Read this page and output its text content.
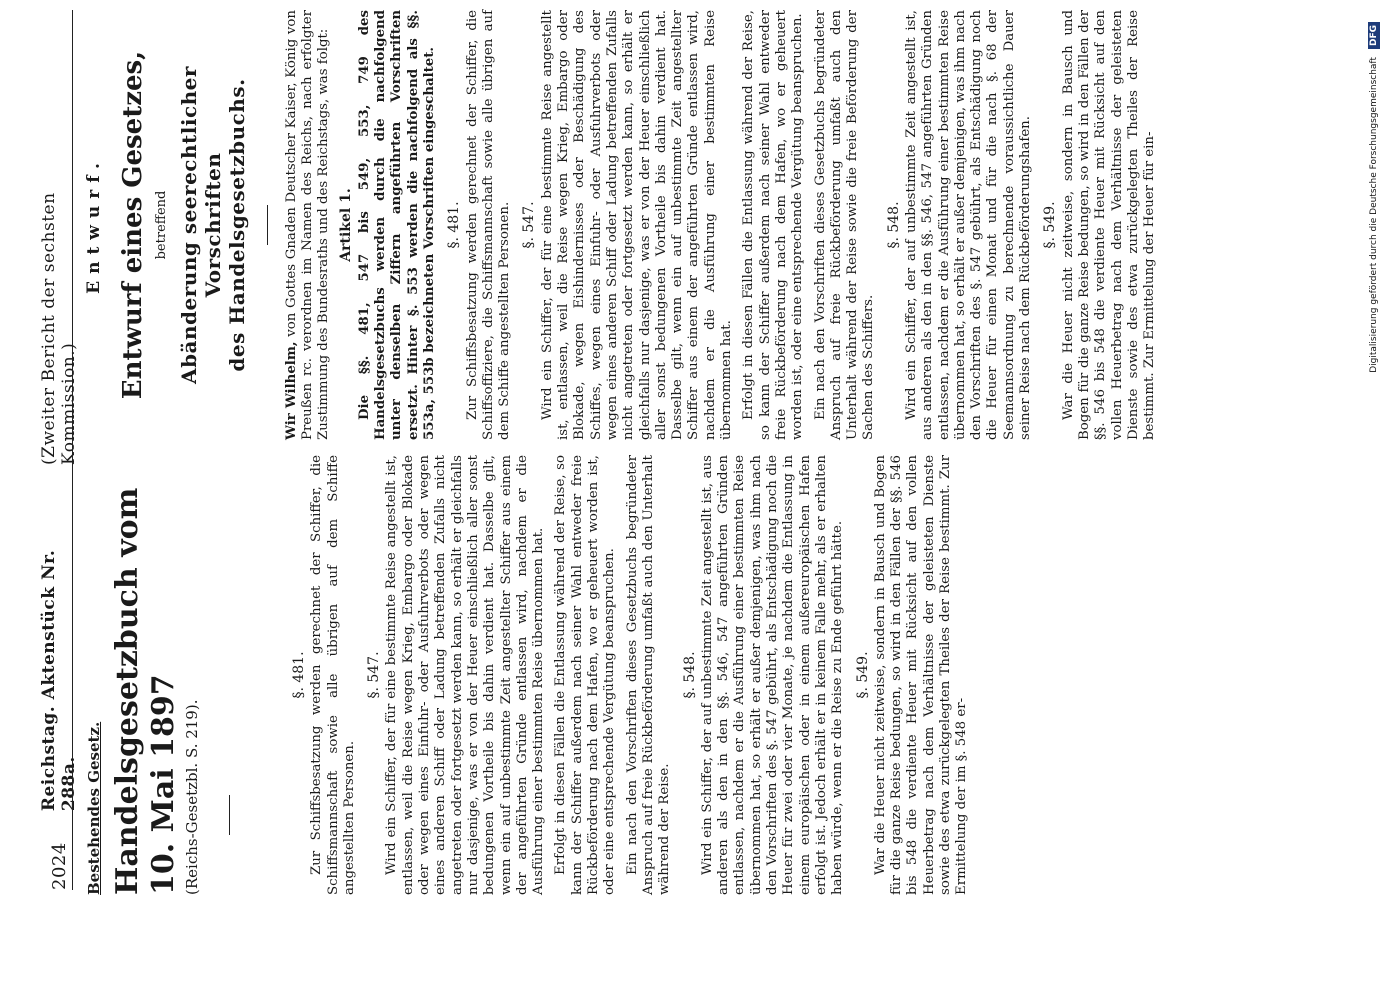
2024
Reichstag. Aktenstück Nr. 288a.
(Zweiter Bericht der sechsten Kommission.)

Bestehendes Gesetz. Handelsgesetzbuch vom 10. Mai 1897 (Reichs-Gesetzbl. S. 219).

§. 481. Zur Schiffsbesatzung werden gerechnet der Schiffer, die Schiffsmannschaft sowie alle übrigen auf dem Schiffe angestellten Personen.

§. 547. Wird ein Schiffer, der für eine bestimmte Reise angestellt ist, entlassen, weil die Reise wegen Krieg, Embargo oder Blokade oder wegen eines Einfuhr- oder Ausfuhrverbots oder wegen eines anderen Schiff oder Ladung betreffenden Zufalls nicht angetreten oder fortgesetzt werden kann, so erhält er gleichfalls nur dasjenige, was er von der Heuer einschließlich aller sonst bedungenen Vortheile bis dahin verdient hat. Dasselbe gilt, wenn ein auf unbestimmte Zeit angestellter Schiffer aus einem der angeführten Gründe entlassen wird, nachdem er die Ausführung einer bestimmten Reise übernommen hat. Erfolgt in diesen Fällen die Entlassung während der Reise, so kann der Schiffer außerdem nach seiner Wahl entweder freie Rückbeförderung nach dem Hafen, wo er geheuert worden ist, oder eine entsprechende Vergütung beanspruchen. Ein nach den Vorschriften dieses Gesetzbuchs begründeter Anspruch auf freie Rückbeförderung umfaßt auch den Unterhalt während der Reise.

§. 548. Wird ein Schiffer, der auf unbestimmte Zeit angestellt ist, aus anderen als den in den §§. 546, 547 angeführten Gründen entlassen, nachdem er die Ausführung einer bestimmten Reise übernommen hat, so erhält er außer demjenigen, was ihm nach den Vorschriften des §. 547 gebührt, als Entschädigung noch die Heuer für zwei oder vier Monate, je nachdem die Entlassung in einem europäischen oder in einem außereuropäischen Hafen erfolgt ist. Jedoch erhält er in keinem Falle mehr, als er erhalten haben würde, wenn er die Reise zu Ende geführt hätte. §. 549. War die Heuer nicht zeitweise, sondern in Bausch und Bogen für die ganze Reise bedungen, so wird in den Fällen der §§. 546 bis 548 die verdiente Heuer mit Rücksicht auf den vollen Heuerbetrag nach dem Verhältnisse der geleisteten Dienste sowie des etwa zurückgelegten Theiles der Reise bestimmt. Zur Ermittelung der im §. 548 er-

Entwurf. Entwurf eines Gesetzes, betreffend Abänderung seerechtlicher Vorschriften des Handelsgesetzbuchs.

Wir Wilhelm, von Gottes Gnaden Deutscher Kaiser, König von Preußen rc. verordnen im Namen des Reichs, nach erfolgter Zustimmung des Bundesraths und des Reichstags, was folgt: Artikel 1. Die §§. 481, 547 bis 549, 553, 749 des Handelsgesetzbuchs werden durch die nachfolgend unter denselben Ziffern angeführten Vorschriften ersetzt. Hinter §. 553 werden die nachfolgend als §§. 553a, 553b bezeichneten Vorschriften eingeschaltet. §. 481. Zur Schiffsbesatzung werden gerechnet der Schiffer, die Schiffsoffiziere, die Schiffsmannschaft sowie alle übrigen auf dem Schiffe angestellten Personen. §. 547. Wird ein Schiffer, der für eine bestimmte Reise angestellt ist, entlassen, weil die Reise wegen Krieg, Embargo oder Blokade, wegen Eishindernisses oder Beschädigung des Schiffes, wegen eines Einfuhr- oder Ausfuhrverbots oder wegen eines anderen Schiff oder Ladung betreffenden Zufalls nicht angetreten oder fortgesetzt werden kann, so erhält er gleichfalls nur dasjenige, was er von der Heuer einschließlich aller sonst bedungenen Vortheile bis dahin verdient hat. Dasselbe gilt, wenn ein auf unbestimmte Zeit angestellter Schiffer aus einem der angeführten Gründe entlassen wird, nachdem er die Ausführung einer bestimmten Reise übernommen hat. Erfolgt in diesen Fällen die Entlassung während der Reise, so kann der Schiffer außerdem nach seiner Wahl entweder freie Rückbeförderung nach dem Hafen, wo er geheuert worden ist, oder eine entsprechende Vergütung beanspruchen. Ein nach den Vorschriften dieses Gesetzbuchs begründeter Anspruch auf freie Rückbeförderung umfaßt auch den Unterhalt während der Reise sowie die freie Beförderung der Sachen des Schiffers.

§. 548. Wird ein Schiffer, der auf unbestimmte Zeit angestellt ist, aus anderen als den in den §§. 546, 547 angeführten Gründen entlassen, nachdem er die Ausführung einer bestimmten Reise übernommen hat, so erhält er außer demjenigen, was ihm nach den Vorschriften des §. 547 gebührt, als Entschädigung noch die Heuer für einen Monat und für die nach §. 68 der Seemannsordnung zu berechnende voraussichtliche Dauer seiner Reise nach dem Rückbeförderungshafen. §. 549. War die Heuer nicht zeitweise, sondern in Bausch und Bogen für die ganze Reise bedungen, so wird in den Fällen der §§. 546 bis 548 die verdiente Heuer mit Rücksicht auf den vollen Heuerbetrag nach dem Verhältnisse der geleisteten Dienste sowie des etwa zurückgelegten Theiles der Reise bestimmt. Zur Ermittelung der Heuer für ein-	Digitalisierung gefördert durch die Deutsche Forschungsgemeinschaft
DFG
